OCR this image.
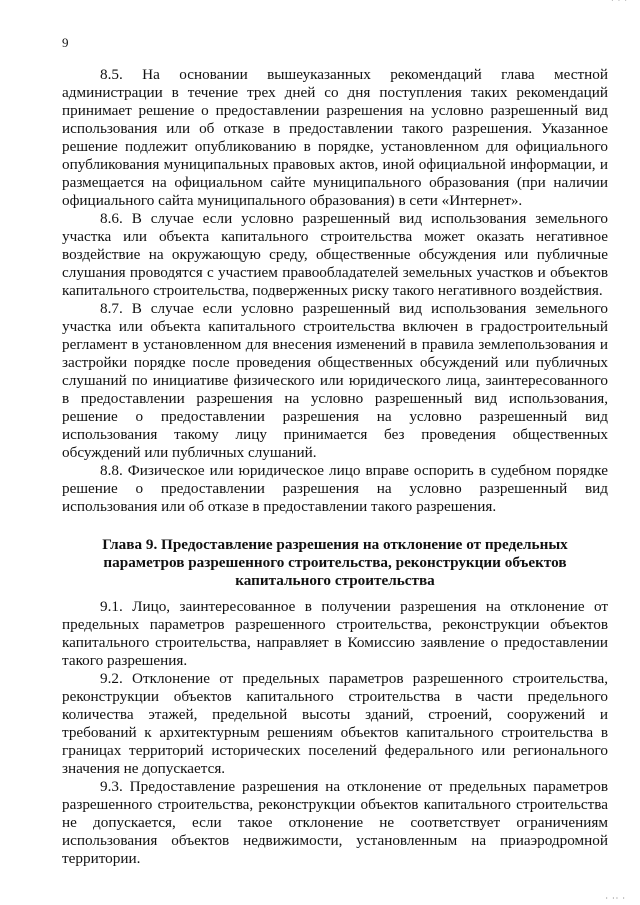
· · ·
9

8.5. На основании вышеуказанных рекомендаций глава местной администрации в течение трех дней со дня поступления таких рекомендаций принимает решение о предоставлении разрешения на условно разрешенный вид использования или об отказе в предоставлении такого разрешения. Указанное решение подлежит опубликованию в порядке, установленном для официального опубликования муниципальных правовых актов, иной официальной информации, и размещается на официальном сайте муниципального образования (при наличии официального сайта муниципального образования) в сети «Интернет».

8.6. В случае если условно разрешенный вид использования земельного участка или объекта капитального строительства может оказать негативное воздействие на окружающую среду, общественные обсуждения или публичные слушания проводятся с участием правообладателей земельных участков и объектов капитального строительства, подверженных риску такого негативного воздействия.

8.7. В случае если условно разрешенный вид использования земельного участка или объекта капитального строительства включен в градостроительный регламент в установленном для внесения изменений в правила землепользования и застройки порядке после проведения общественных обсуждений или публичных слушаний по инициативе физического или юридического лица, заинтересованного в предоставлении разрешения на условно разрешенный вид использования, решение о предоставлении разрешения на условно разрешенный вид использования такому лицу принимается без проведения общественных обсуждений или публичных слушаний.

8.8. Физическое или юридическое лицо вправе оспорить в судебном порядке решение о предоставлении разрешения на условно разрешенный вид использования или об отказе в предоставлении такого разрешения.

Глава 9. Предоставление разрешения на отклонение от предельных параметров разрешенного строительства, реконструкции объектов капитального строительства

9.1. Лицо, заинтересованное в получении разрешения на отклонение от предельных параметров разрешенного строительства, реконструкции объектов капитального строительства, направляет в Комиссию заявление о предоставлении такого разрешения.

9.2. Отклонение от предельных параметров разрешенного строительства, реконструкции объектов капитального строительства в части предельного количества этажей, предельной высоты зданий, строений, сооружений и требований к архитектурным решениям объектов капитального строительства в границах территорий исторических поселений федерального или регионального значения не допускается.

9.3. Предоставление разрешения на отклонение от предельных параметров разрешенного строительства, реконструкции объектов капитального строительства не допускается, если такое отклонение не соответствует ограничениям использования объектов недвижимости, установленным на приаэродромной территории.

· ·· ·
